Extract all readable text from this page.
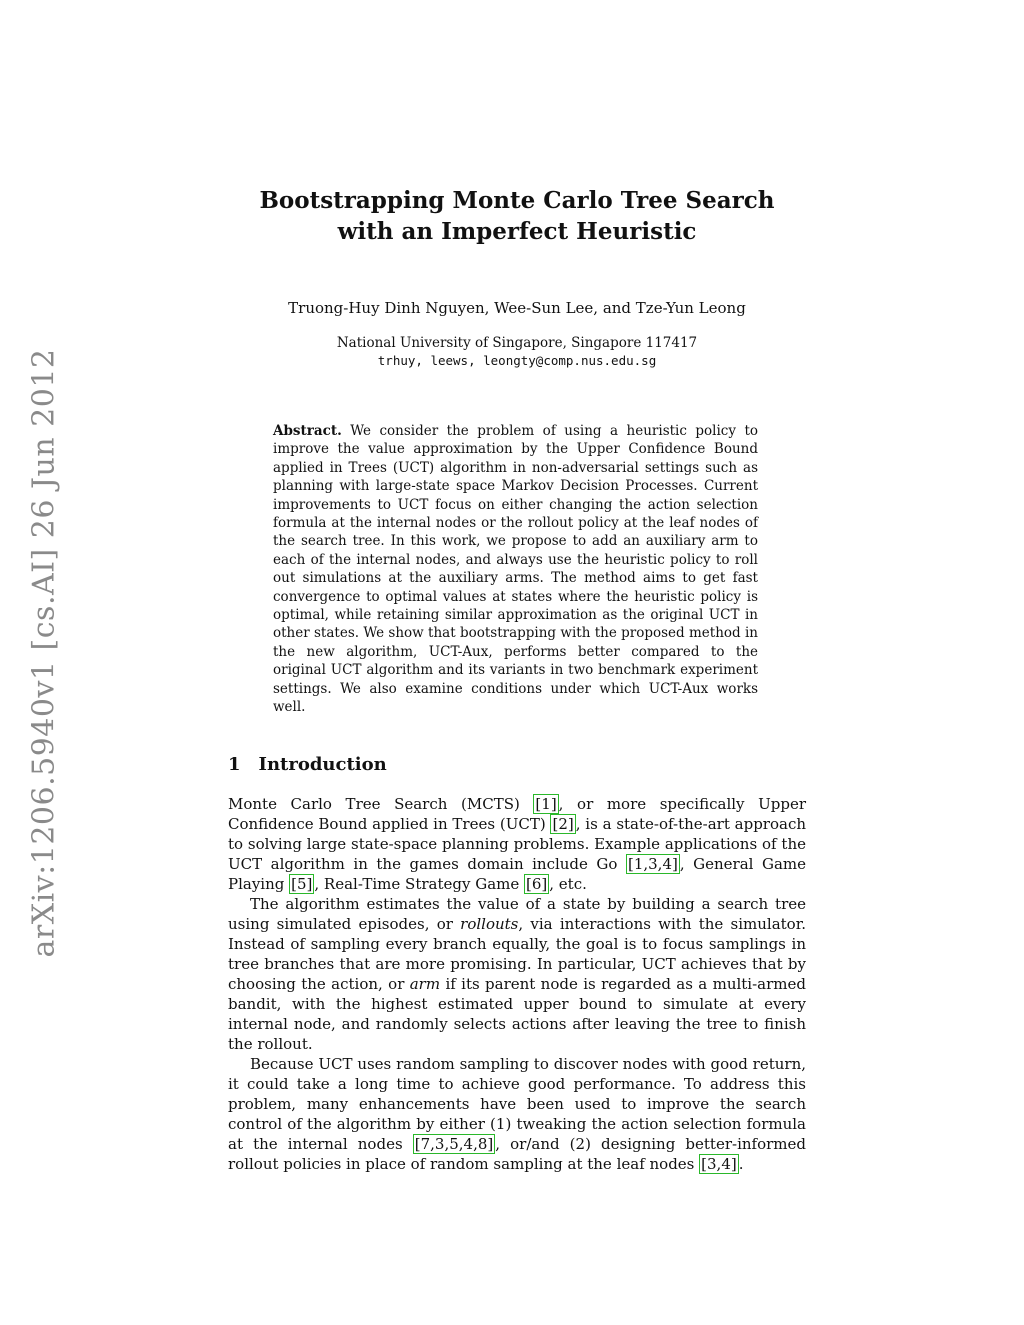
arXiv:1206.5940v1 [cs.AI] 26 Jun 2012
Bootstrapping Monte Carlo Tree Search with an Imperfect Heuristic

Truong-Huy Dinh Nguyen, Wee-Sun Lee, and Tze-Yun Leong

National University of Singapore, Singapore 117417
trhuy, leews, leongty@comp.nus.edu.sg
Abstract. We consider the problem of using a heuristic policy to improve the value approximation by the Upper Confidence Bound applied in Trees (UCT) algorithm in non-adversarial settings such as planning with large-state space Markov Decision Processes. Current improvements to UCT focus on either changing the action selection formula at the internal nodes or the rollout policy at the leaf nodes of the search tree. In this work, we propose to add an auxiliary arm to each of the internal nodes, and always use the heuristic policy to roll out simulations at the auxiliary arms. The method aims to get fast convergence to optimal values at states where the heuristic policy is optimal, while retaining similar approximation as the original UCT in other states. We show that bootstrapping with the proposed method in the new algorithm, UCT-Aux, performs better compared to the original UCT algorithm and its variants in two benchmark experiment settings. We also examine conditions under which UCT-Aux works well.
1 Introduction

Monte Carlo Tree Search (MCTS) [1] , or more specifically Upper Confidence Bound applied in Trees (UCT) [2] , is a state-of-the-art approach to solving large state-space planning problems. Example applications of the UCT algorithm in the games domain include Go [1,3,4] , General Game Playing [5] , Real-Time Strategy Game [6] , etc.

The algorithm estimates the value of a state by building a search tree using simulated episodes, or rollouts, via interactions with the simulator. Instead of sampling every branch equally, the goal is to focus samplings in tree branches that are more promising. In particular, UCT achieves that by choosing the action, or arm if its parent node is regarded as a multi-armed bandit, with the highest estimated upper bound to simulate at every internal node, and randomly selects actions after leaving the tree to finish the rollout.

Because UCT uses random sampling to discover nodes with good return, it could take a long time to achieve good performance. To address this problem, many enhancements have been used to improve the search control of the algorithm by either (1) tweaking the action selection formula at the internal nodes [7,3,5,4,8] , or/and (2) designing better-informed rollout policies in place of random sampling at the leaf nodes [3,4] .
